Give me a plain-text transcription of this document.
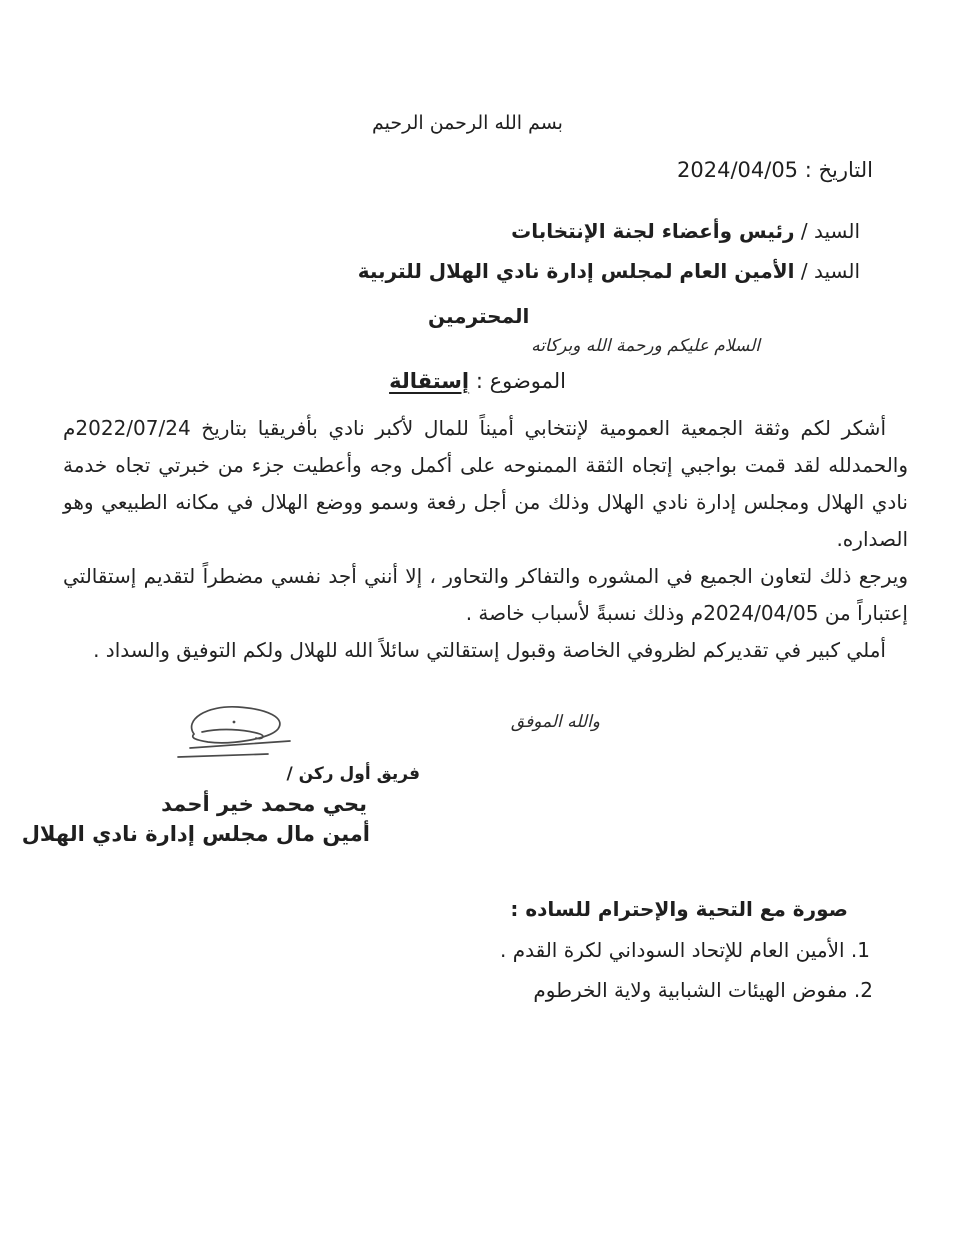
بسم الله الرحمن الرحيم
التاريخ : 2024/04/05
السيد / رئيس وأعضاء لجنة الإنتخابات
السيد / الأمين العام لمجلس إدارة نادي الهلال للتربية
المحترمين
السلام عليكم ورحمة الله وبركاته
الموضوع : إستقالة

أشكر لكم وثقة الجمعية العمومية لإنتخابي أميناً للمال لأكبر نادي بأفريقيا بتاريخ 2022/07/24م والحمدلله لقد قمت بواجبي إتجاه الثقة الممنوحه على أكمل وجه وأعطيت جزء من خبرتي تجاه خدمة نادي الهلال ومجلس إدارة نادي الهلال وذلك من أجل رفعة وسمو ووضع الهلال في مكانه الطبيعي وهو الصداره.

ويرجع ذلك لتعاون الجميع في المشوره والتفاكر والتحاور ، إلا أنني أجد نفسي مضطراً لتقديم إستقالتي إعتباراً من 2024/04/05م وذلك نسبةً لأسباب خاصة .

أملي كبير في تقديركم لظروفي الخاصة وقبول إستقالتي سائلاً الله للهلال ولكم التوفيق والسداد .

والله الموفق
فريق أول ركن /
يحي محمد خير أحمد
أمين مال مجلس إدارة نادي الهلال
صورة مع التحية والإحترام للساده :
1. الأمين العام للإتحاد السوداني لكرة القدم .
2. مفوض الهيئات الشبابية ولاية الخرطوم
